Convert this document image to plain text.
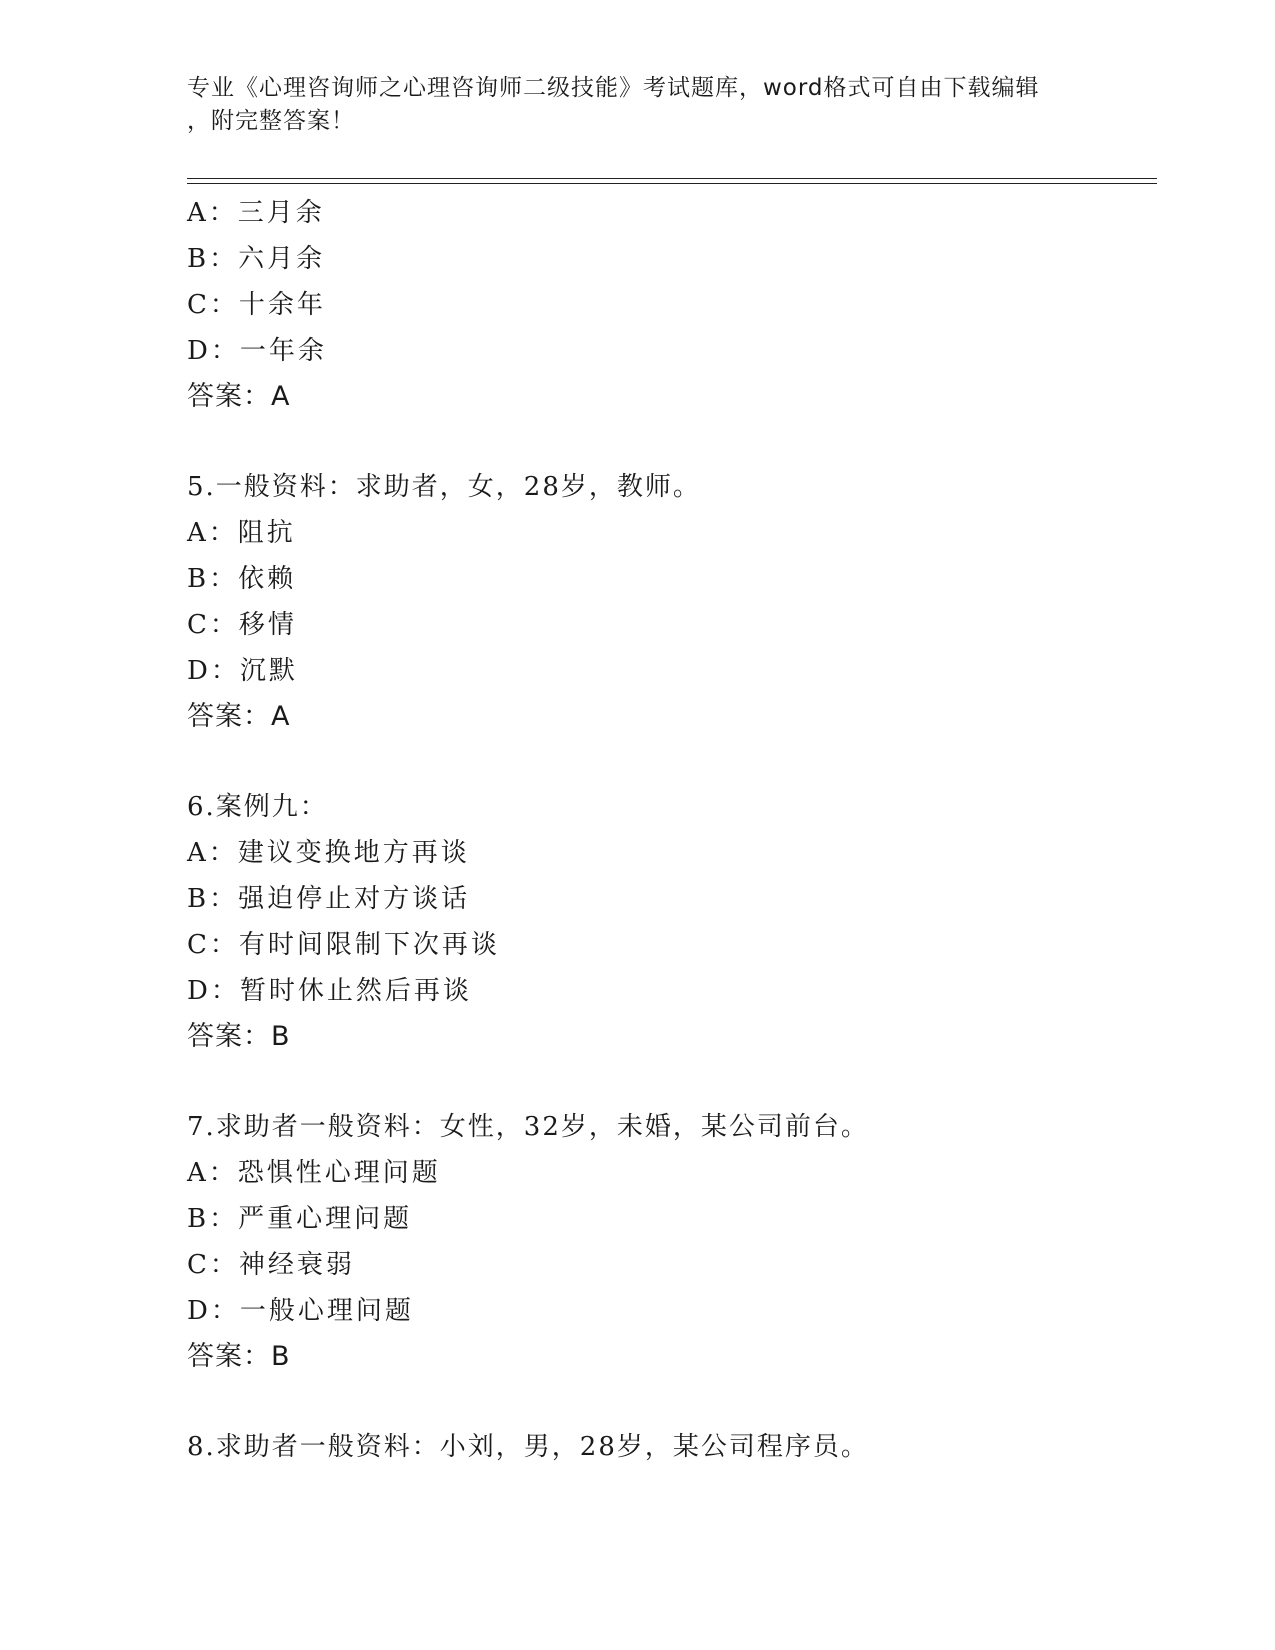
专业《心理咨询师之心理咨询师二级技能》考试题库，word格式可自由下载编辑
，附完整答案！
A：三月余
B：六月余
C：十余年
D：一年余
答案：A
5.一般资料：求助者，女，28岁，教师。
A：阻抗
B：依赖
C：移情
D：沉默
答案：A
6.案例九：
A：建议变换地方再谈
B：强迫停止对方谈话
C：有时间限制下次再谈
D：暂时休止然后再谈
答案：B
7.求助者一般资料：女性，32岁，未婚，某公司前台。
A：恐惧性心理问题
B：严重心理问题
C：神经衰弱
D：一般心理问题
答案：B
8.求助者一般资料：小刘，男，28岁，某公司程序员。
